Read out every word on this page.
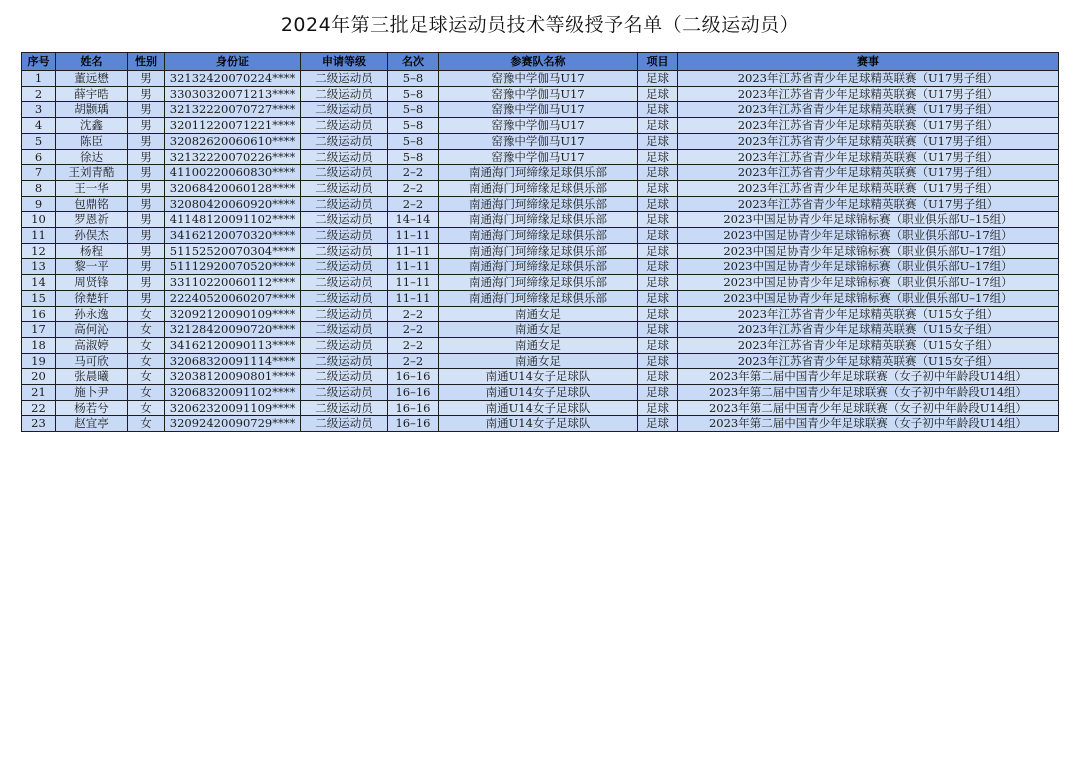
2024年第三批足球运动员技术等级授予名单（二级运动员）
序号	姓名	性别	身份证	申请等级	名次	参赛队名称	项目	赛事
1	董远懋	男	32132420070224****	二级运动员	5–8	窑豫中学伽马U17	足球	2023年江苏省青少年足球精英联赛（U17男子组）
2	薛宇晧	男	33030320071213****	二级运动员	5–8	窑豫中学伽马U17	足球	2023年江苏省青少年足球精英联赛（U17男子组）
3	胡颢瑀	男	32132220070727****	二级运动员	5–8	窑豫中学伽马U17	足球	2023年江苏省青少年足球精英联赛（U17男子组）
4	沈鑫	男	32011220071221****	二级运动员	5–8	窑豫中学伽马U17	足球	2023年江苏省青少年足球精英联赛（U17男子组）
5	陈臣	男	32082620060610****	二级运动员	5–8	窑豫中学伽马U17	足球	2023年江苏省青少年足球精英联赛（U17男子组）
6	徐达	男	32132220070226****	二级运动员	5–8	窑豫中学伽马U17	足球	2023年江苏省青少年足球精英联赛（U17男子组）
7	王刘青酷	男	41100220060830****	二级运动员	2–2	南通海门珂缔缘足球俱乐部	足球	2023年江苏省青少年足球精英联赛（U17男子组）
8	王一华	男	32068420060128****	二级运动员	2–2	南通海门珂缔缘足球俱乐部	足球	2023年江苏省青少年足球精英联赛（U17男子组）
9	包鼎铭	男	32080420060920****	二级运动员	2–2	南通海门珂缔缘足球俱乐部	足球	2023年江苏省青少年足球精英联赛（U17男子组）
10	罗恩祈	男	41148120091102****	二级运动员	14–14	南通海门珂缔缘足球俱乐部	足球	2023中国足协青少年足球锦标赛（职业俱乐部U–15组）
11	孙俣杰	男	34162120070320****	二级运动员	11–11	南通海门珂缔缘足球俱乐部	足球	2023中国足协青少年足球锦标赛（职业俱乐部U–17组）
12	杨程	男	51152520070304****	二级运动员	11–11	南通海门珂缔缘足球俱乐部	足球	2023中国足协青少年足球锦标赛（职业俱乐部U–17组）
13	黎一平	男	51112920070520****	二级运动员	11–11	南通海门珂缔缘足球俱乐部	足球	2023中国足协青少年足球锦标赛（职业俱乐部U–17组）
14	周贤锋	男	33110220060112****	二级运动员	11–11	南通海门珂缔缘足球俱乐部	足球	2023中国足协青少年足球锦标赛（职业俱乐部U–17组）
15	徐楚轩	男	22240520060207****	二级运动员	11–11	南通海门珂缔缘足球俱乐部	足球	2023中国足协青少年足球锦标赛（职业俱乐部U–17组）
16	孙永逸	女	32092120090109****	二级运动员	2–2	南通女足	足球	2023年江苏省青少年足球精英联赛（U15女子组）
17	高何沁	女	32128420090720****	二级运动员	2–2	南通女足	足球	2023年江苏省青少年足球精英联赛（U15女子组）
18	高淑婷	女	34162120090113****	二级运动员	2–2	南通女足	足球	2023年江苏省青少年足球精英联赛（U15女子组）
19	马可欣	女	32068320091114****	二级运动员	2–2	南通女足	足球	2023年江苏省青少年足球精英联赛（U15女子组）
20	张晨曦	女	32038120090801****	二级运动员	16–16	南通U14女子足球队	足球	2023年第二届中国青少年足球联赛（女子初中年龄段U14组）
21	施卜尹	女	32068320091102****	二级运动员	16–16	南通U14女子足球队	足球	2023年第二届中国青少年足球联赛（女子初中年龄段U14组）
22	杨若兮	女	32062320091109****	二级运动员	16–16	南通U14女子足球队	足球	2023年第二届中国青少年足球联赛（女子初中年龄段U14组）
23	赵宜亭	女	32092420090729****	二级运动员	16–16	南通U14女子足球队	足球	2023年第二届中国青少年足球联赛（女子初中年龄段U14组）
